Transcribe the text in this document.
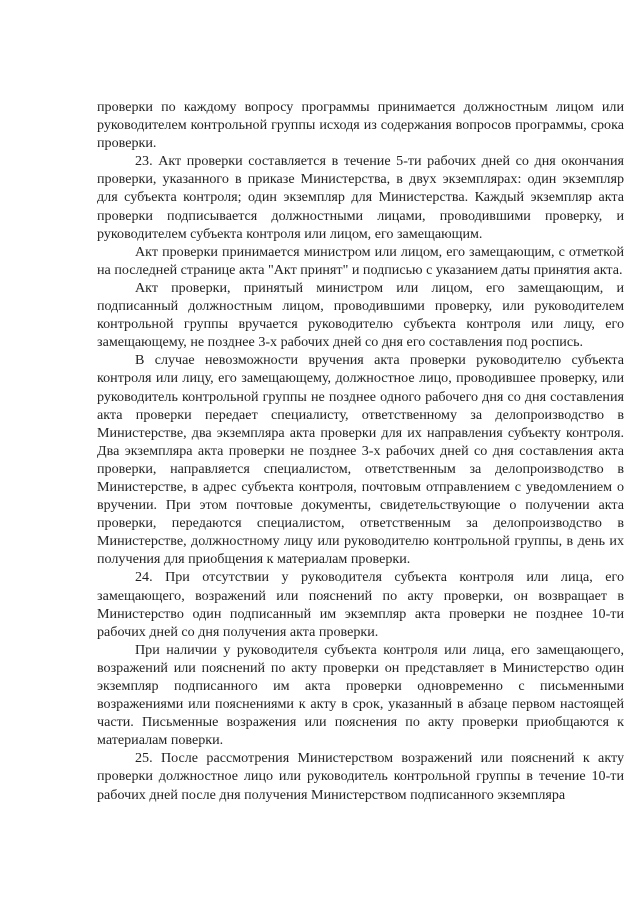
проверки по каждому вопросу программы принимается должностным лицом или руководителем контрольной группы исходя из содержания вопросов программы, срока проверки.

23. Акт проверки составляется в течение 5-ти рабочих дней со дня окончания проверки, указанного в приказе Министерства, в двух экземплярах: один экземпляр для субъекта контроля; один экземпляр для Министерства. Каждый экземпляр акта проверки подписывается должностными лицами, проводившими проверку, и руководителем субъекта контроля или лицом, его замещающим.

Акт проверки принимается министром или лицом, его замещающим, с отметкой на последней странице акта "Акт принят" и подписью с указанием даты принятия акта.

Акт проверки, принятый министром или лицом, его замещающим, и подписанный должностным лицом, проводившими проверку, или руководителем контрольной группы вручается руководителю субъекта контроля или лицу, его замещающему, не позднее 3-х рабочих дней со дня его составления под роспись.

В случае невозможности вручения акта проверки руководителю субъекта контроля или лицу, его замещающему, должностное лицо, проводившее проверку, или руководитель контрольной группы не позднее одного рабочего дня со дня составления акта проверки передает специалисту, ответственному за делопроизводство в Министерстве, два экземпляра акта проверки для их направления субъекту контроля. Два экземпляра акта проверки не позднее 3-х рабочих дней со дня составления акта проверки, направляется специалистом, ответственным за делопроизводство в Министерстве, в адрес субъекта контроля, почтовым отправлением с уведомлением о вручении. При этом почтовые документы, свидетельствующие о получении акта проверки, передаются специалистом, ответственным за делопроизводство в Министерстве, должностному лицу или руководителю контрольной группы, в день их получения для приобщения к материалам проверки.

24. При отсутствии у руководителя субъекта контроля или лица, его замещающего, возражений или пояснений по акту проверки, он возвращает в Министерство один подписанный им экземпляр акта проверки не позднее 10-ти рабочих дней со дня получения акта проверки.

При наличии у руководителя субъекта контроля или лица, его замещающего, возражений или пояснений по акту проверки он представляет в Министерство один экземпляр подписанного им акта проверки одновременно с письменными возражениями или пояснениями к акту в срок, указанный в абзаце первом настоящей части. Письменные возражения или пояснения по акту проверки приобщаются к материалам поверки.

25. После рассмотрения Министерством возражений или пояснений к акту проверки должностное лицо или руководитель контрольной группы в течение 10-ти рабочих дней после дня получения Министерством подписанного экземпляра
